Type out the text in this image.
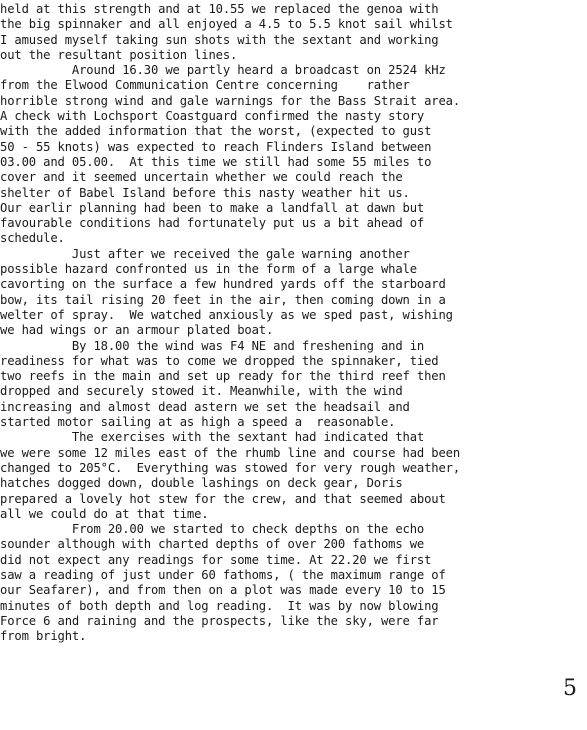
held at this strength and at 10.55 we replaced the genoa with
the big spinnaker and all enjoyed a 4.5 to 5.5 knot sail whilst
I amused myself taking sun shots with the sextant and working
out the resultant position lines.
Around 16.30 we partly heard a broadcast on 2524 kHz
from the Elwood Communication Centre concerning    rather
horrible strong wind and gale warnings for the Bass Strait area.
A check with Lochsport Coastguard confirmed the nasty story
with the added information that the worst, (expected to gust
50 - 55 knots) was expected to reach Flinders Island between
03.00 and 05.00.  At this time we still had some 55 miles to
cover and it seemed uncertain whether we could reach the
shelter of Babel Island before this nasty weather hit us.
Our earlir planning had been to make a landfall at dawn but
favourable conditions had fortunately put us a bit ahead of
schedule.
Just after we received the gale warning another
possible hazard confronted us in the form of a large whale
cavorting on the surface a few hundred yards off the starboard
bow, its tail rising 20 feet in the air, then coming down in a
welter of spray.  We watched anxiously as we sped past, wishing
we had wings or an armour plated boat.
By 18.00 the wind was F4 NE and freshening and in
readiness for what was to come we dropped the spinnaker, tied
two reefs in the main and set up ready for the third reef then
dropped and securely stowed it. Meanwhile, with the wind
increasing and almost dead astern we set the headsail and
started motor sailing at as high a speed a  reasonable.
The exercises with the sextant had indicated that
we were some 12 miles east of the rhumb line and course had been
changed to 205°C.  Everything was stowed for very rough weather,
hatches dogged down, double lashings on deck gear, Doris
prepared a lovely hot stew for the crew, and that seemed about
all we could do at that time.
From 20.00 we started to check depths on the echo
sounder although with charted depths of over 200 fathoms we
did not expect any readings for some time. At 22.20 we first
saw a reading of just under 60 fathoms, ( the maximum range of
our Seafarer), and from then on a plot was made every 10 to 15
minutes of both depth and log reading.  It was by now blowing
Force 6 and raining and the prospects, like the sky, were far
from bright.
5
